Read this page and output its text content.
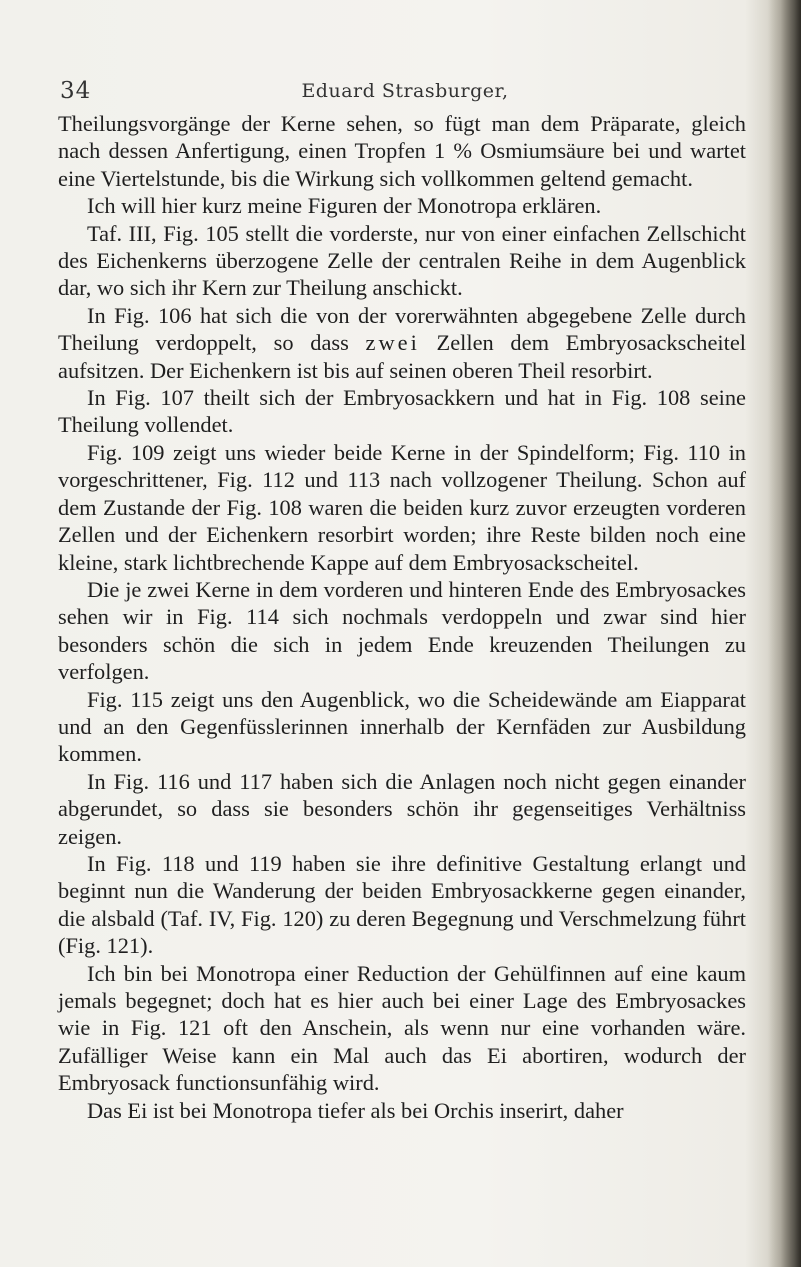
34	Eduard Strasburger,

Theilungsvorgänge der Kerne sehen, so fügt man dem Präparate, gleich nach dessen Anfertigung, einen Tropfen 1 % Osmiumsäure bei und wartet eine Viertelstunde, bis die Wirkung sich vollkommen geltend gemacht.

Ich will hier kurz meine Figuren der Monotropa erklären.

Taf. III, Fig. 105 stellt die vorderste, nur von einer einfachen Zellschicht des Eichenkerns überzogene Zelle der centralen Reihe in dem Augenblick dar, wo sich ihr Kern zur Theilung anschickt.

In Fig. 106 hat sich die von der vorerwähnten abgegebene Zelle durch Theilung verdoppelt, so dass zwei Zellen dem Embryosackscheitel aufsitzen. Der Eichenkern ist bis auf seinen oberen Theil resorbirt.

In Fig. 107 theilt sich der Embryosackkern und hat in Fig. 108 seine Theilung vollendet.

Fig. 109 zeigt uns wieder beide Kerne in der Spindelform; Fig. 110 in vorgeschrittener, Fig. 112 und 113 nach vollzogener Theilung. Schon auf dem Zustande der Fig. 108 waren die beiden kurz zuvor erzeugten vorderen Zellen und der Eichenkern resorbirt worden; ihre Reste bilden noch eine kleine, stark lichtbrechende Kappe auf dem Embryosackscheitel.

Die je zwei Kerne in dem vorderen und hinteren Ende des Embryosackes sehen wir in Fig. 114 sich nochmals verdoppeln und zwar sind hier besonders schön die sich in jedem Ende kreuzenden Theilungen zu verfolgen.

Fig. 115 zeigt uns den Augenblick, wo die Scheidewände am Eiapparat und an den Gegenfüsslerinnen innerhalb der Kernfäden zur Ausbildung kommen.

In Fig. 116 und 117 haben sich die Anlagen noch nicht gegen einander abgerundet, so dass sie besonders schön ihr gegenseitiges Verhältniss zeigen.

In Fig. 118 und 119 haben sie ihre definitive Gestaltung erlangt und beginnt nun die Wanderung der beiden Embryosackkerne gegen einander, die alsbald (Taf. IV, Fig. 120) zu deren Begegnung und Verschmelzung führt (Fig. 121).

Ich bin bei Monotropa einer Reduction der Gehülfinnen auf eine kaum jemals begegnet; doch hat es hier auch bei einer Lage des Embryosackes wie in Fig. 121 oft den Anschein, als wenn nur eine vorhanden wäre. Zufälliger Weise kann ein Mal auch das Ei abortiren, wodurch der Embryosack functionsunfähig wird.

Das Ei ist bei Monotropa tiefer als bei Orchis inserirt, daher
